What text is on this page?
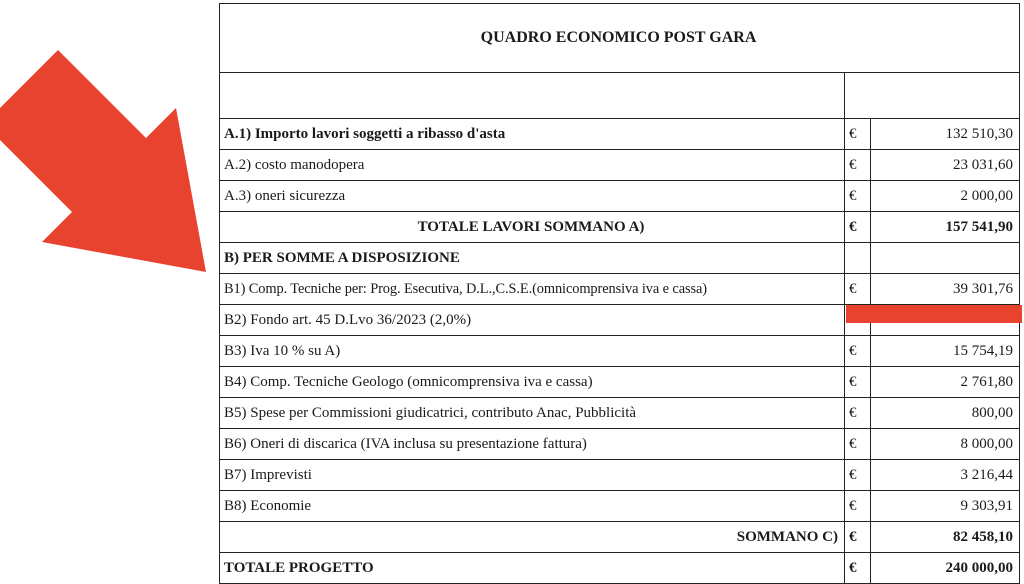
QUADRO ECONOMICO POST GARA		

A.1) Importo lavori soggetti a ribasso d'asta	€	132 510,30
A.2) costo manodopera	€	23 031,60
A.3) oneri sicurezza	€	2 000,00
TOTALE LAVORI SOMMANO A)	€	157 541,90
B) PER SOMME A DISPOSIZIONE		
B1) Comp. Tecniche per: Prog. Esecutiva, D.L.,C.S.E.(omnicomprensiva iva e cassa)	€	39 301,76
B2) Fondo art. 45 D.Lvo 36/2023 (2,0%)		
B3) Iva 10 % su A)	€	15 754,19
B4) Comp. Tecniche Geologo (omnicomprensiva iva e cassa)	€	2 761,80
B5) Spese per Commissioni giudicatrici, contributo Anac, Pubblicità	€	800,00
B6) Oneri di discarica (IVA inclusa su presentazione fattura)	€	8 000,00
B7) Imprevisti	€	3 216,44
B8) Economie	€	9 303,91
SOMMANO C)	€	82 458,10
TOTALE PROGETTO	€	240 000,00
